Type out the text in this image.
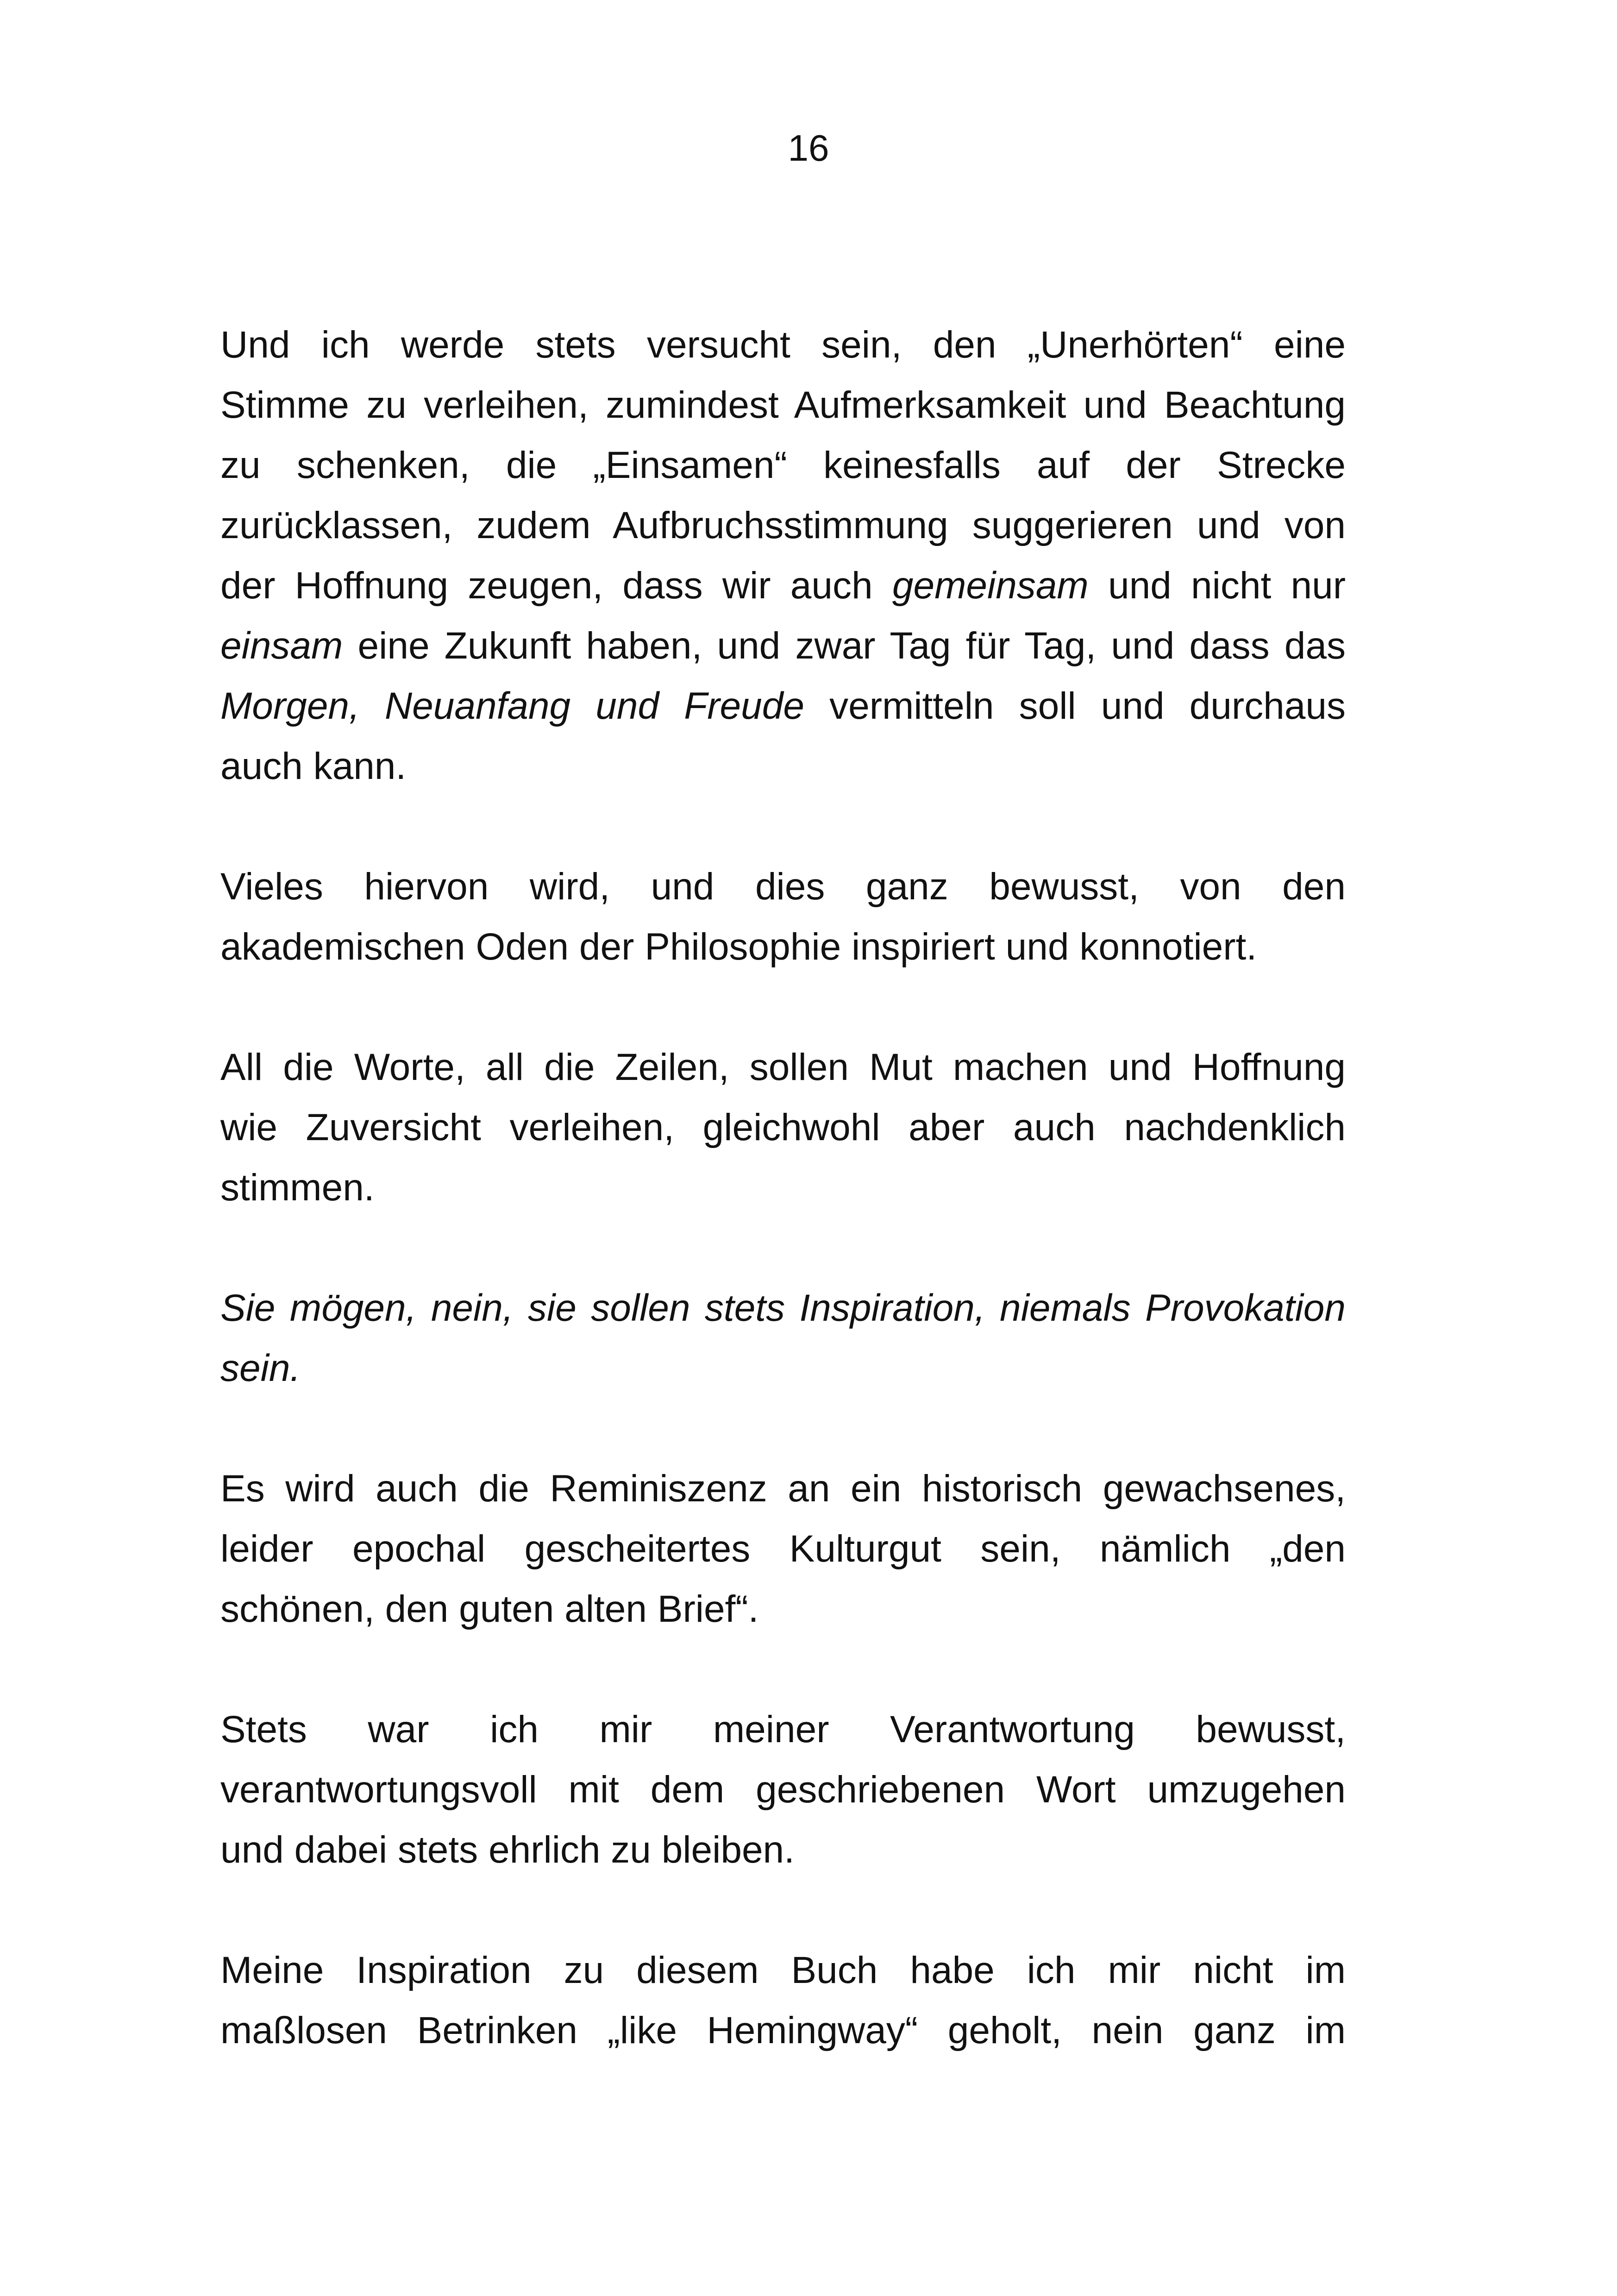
16

Und ich werde stets versucht sein, den „Unerhörten“ eine
Stimme zu verleihen, zumindest Aufmerksamkeit und Beachtung
zu schenken, die „Einsamen“ keinesfalls auf der Strecke
zurücklassen, zudem Aufbruchsstimmung suggerieren und von
der Hoffnung zeugen, dass wir auch gemeinsam und nicht nur
einsam eine Zukunft haben, und zwar Tag für Tag, und dass das
Morgen, Neuanfang und Freude vermitteln soll und durchaus
auch kann.

Vieles hiervon wird, und dies ganz bewusst, von den
akademischen Oden der Philosophie inspiriert und konnotiert.

All die Worte, all die Zeilen, sollen Mut machen und Hoffnung
wie Zuversicht verleihen, gleichwohl aber auch nachdenklich
stimmen.

Sie mögen, nein, sie sollen stets Inspiration, niemals Provokation
sein.

Es wird auch die Reminiszenz an ein historisch gewachsenes,
leider epochal gescheitertes Kulturgut sein, nämlich „den
schönen, den guten alten Brief“.

Stets war ich mir meiner Verantwortung bewusst,
verantwortungsvoll mit dem geschriebenen Wort umzugehen
und dabei stets ehrlich zu bleiben.

Meine Inspiration zu diesem Buch habe ich mir nicht im
maßlosen Betrinken „like Hemingway“ geholt, nein ganz im
